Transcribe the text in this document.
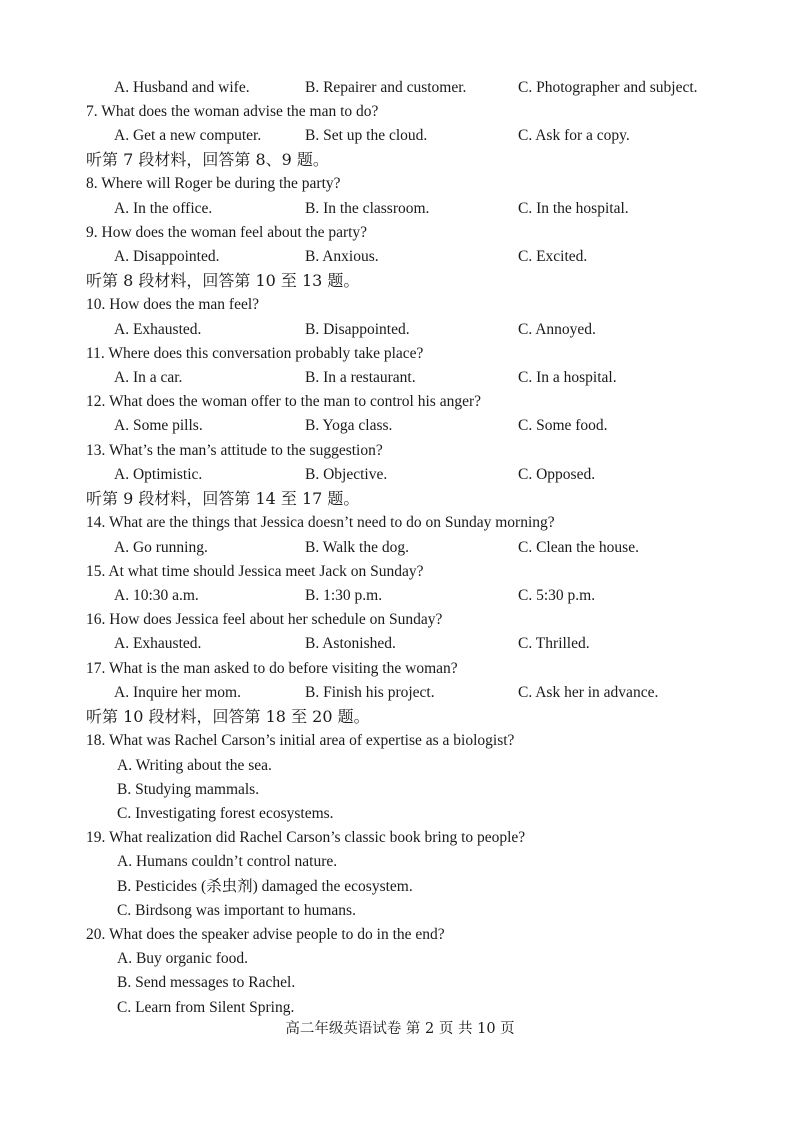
A. Husband and wife.	B. Repairer and customer.	C. Photographer and subject.
7. What does the woman advise the man to do?
A. Get a new computer.	B. Set up the cloud.	C. Ask for a copy.
听第 7 段材料，回答第 8、9 题。
8. Where will Roger be during the party?
A. In the office.	B. In the classroom.	C. In the hospital.
9. How does the woman feel about the party?
A. Disappointed.	B. Anxious.	C. Excited.
听第 8 段材料，回答第 10 至 13 题。
10. How does the man feel?
A. Exhausted.	B. Disappointed.	C. Annoyed.
11. Where does this conversation probably take place?
A. In a car.	B. In a restaurant.	C. In a hospital.
12. What does the woman offer to the man to control his anger?
A. Some pills.	B. Yoga class.	C. Some food.
13. What’s the man’s attitude to the suggestion?
A. Optimistic.	B. Objective.	C. Opposed.
听第 9 段材料，回答第 14 至 17 题。
14. What are the things that Jessica doesn’t need to do on Sunday morning?
A. Go running.	B. Walk the dog.	C. Clean the house.
15. At what time should Jessica meet Jack on Sunday?
A. 10:30 a.m.	B. 1:30 p.m.	C. 5:30 p.m.
16. How does Jessica feel about her schedule on Sunday?
A. Exhausted.	B. Astonished.	C. Thrilled.
17. What is the man asked to do before visiting the woman?
A. Inquire her mom.	B. Finish his project.	C. Ask her in advance.
听第 10 段材料，回答第 18 至 20 题。
18. What was Rachel Carson’s initial area of expertise as a biologist?
A. Writing about the sea.
B. Studying mammals.
C. Investigating forest ecosystems.
19. What realization did Rachel Carson’s classic book bring to people?
A. Humans couldn’t control nature.
B. Pesticides (杀虫剂) damaged the ecosystem.
C. Birdsong was important to humans.
20. What does the speaker advise people to do in the end?
A. Buy organic food.
B. Send messages to Rachel.
C. Learn from Silent Spring.
高二年级英语试卷 第 2 页 共 10 页
